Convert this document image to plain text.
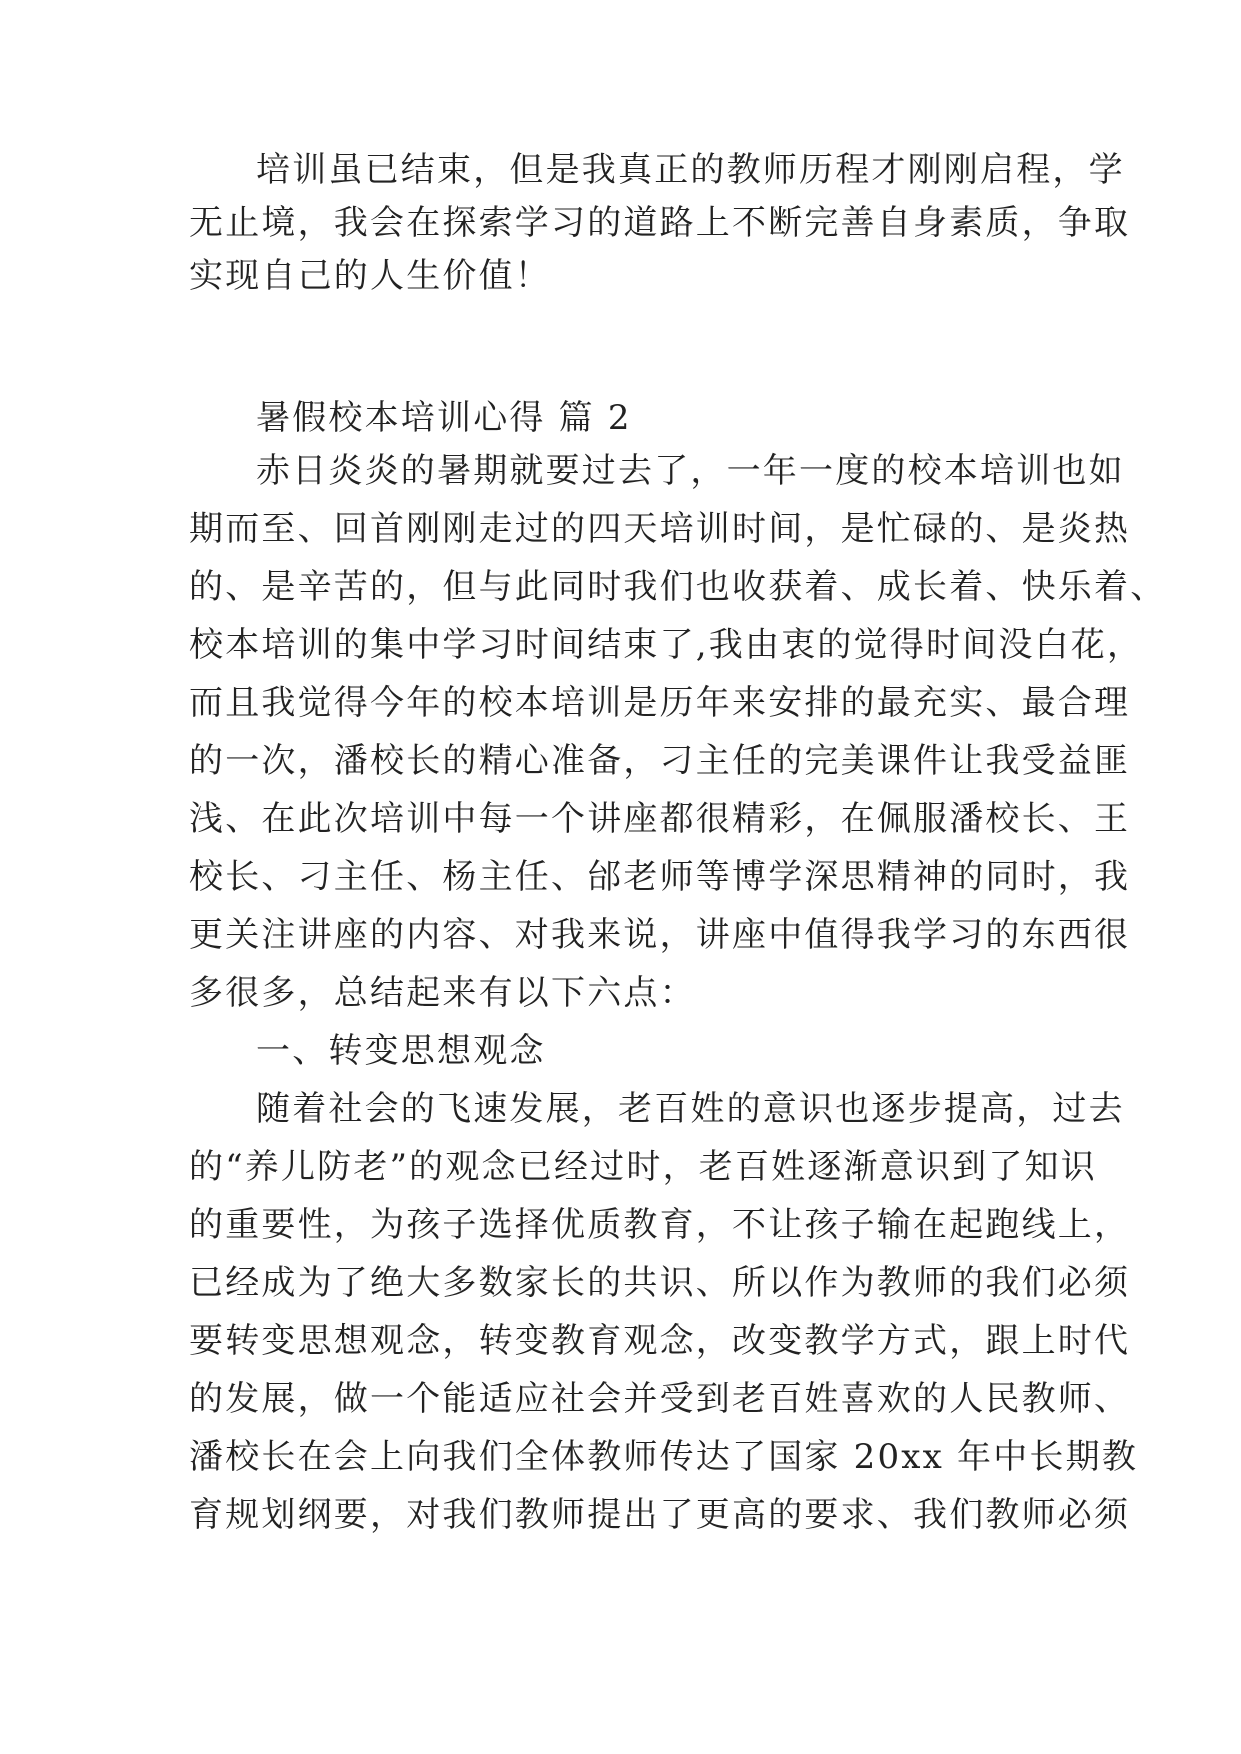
培训虽已结束，但是我真正的教师历程才刚刚启程，学
无止境，我会在探索学习的道路上不断完善自身素质，争取
实现自己的人生价值！
暑假校本培训心得 篇 2
赤日炎炎的暑期就要过去了，一年一度的校本培训也如
期而至、回首刚刚走过的四天培训时间，是忙碌的、是炎热
的、是辛苦的，但与此同时我们也收获着、成长着、快乐着、
校本培训的集中学习时间结束了,我由衷的觉得时间没白花，
而且我觉得今年的校本培训是历年来安排的最充实、最合理
的一次，潘校长的精心准备，刁主任的完美课件让我受益匪
浅、在此次培训中每一个讲座都很精彩，在佩服潘校长、王
校长、刁主任、杨主任、邰老师等博学深思精神的同时，我
更关注讲座的内容、对我来说，讲座中值得我学习的东西很
多很多，总结起来有以下六点：
一、转变思想观念
随着社会的飞速发展，老百姓的意识也逐步提高，过去
的“养儿防老”的观念已经过时，老百姓逐渐意识到了知识
的重要性，为孩子选择优质教育，不让孩子输在起跑线上，
已经成为了绝大多数家长的共识、所以作为教师的我们必须
要转变思想观念，转变教育观念，改变教学方式，跟上时代
的发展，做一个能适应社会并受到老百姓喜欢的人民教师、
潘校长在会上向我们全体教师传达了国家 20xx 年中长期教
育规划纲要，对我们教师提出了更高的要求、我们教师必须
